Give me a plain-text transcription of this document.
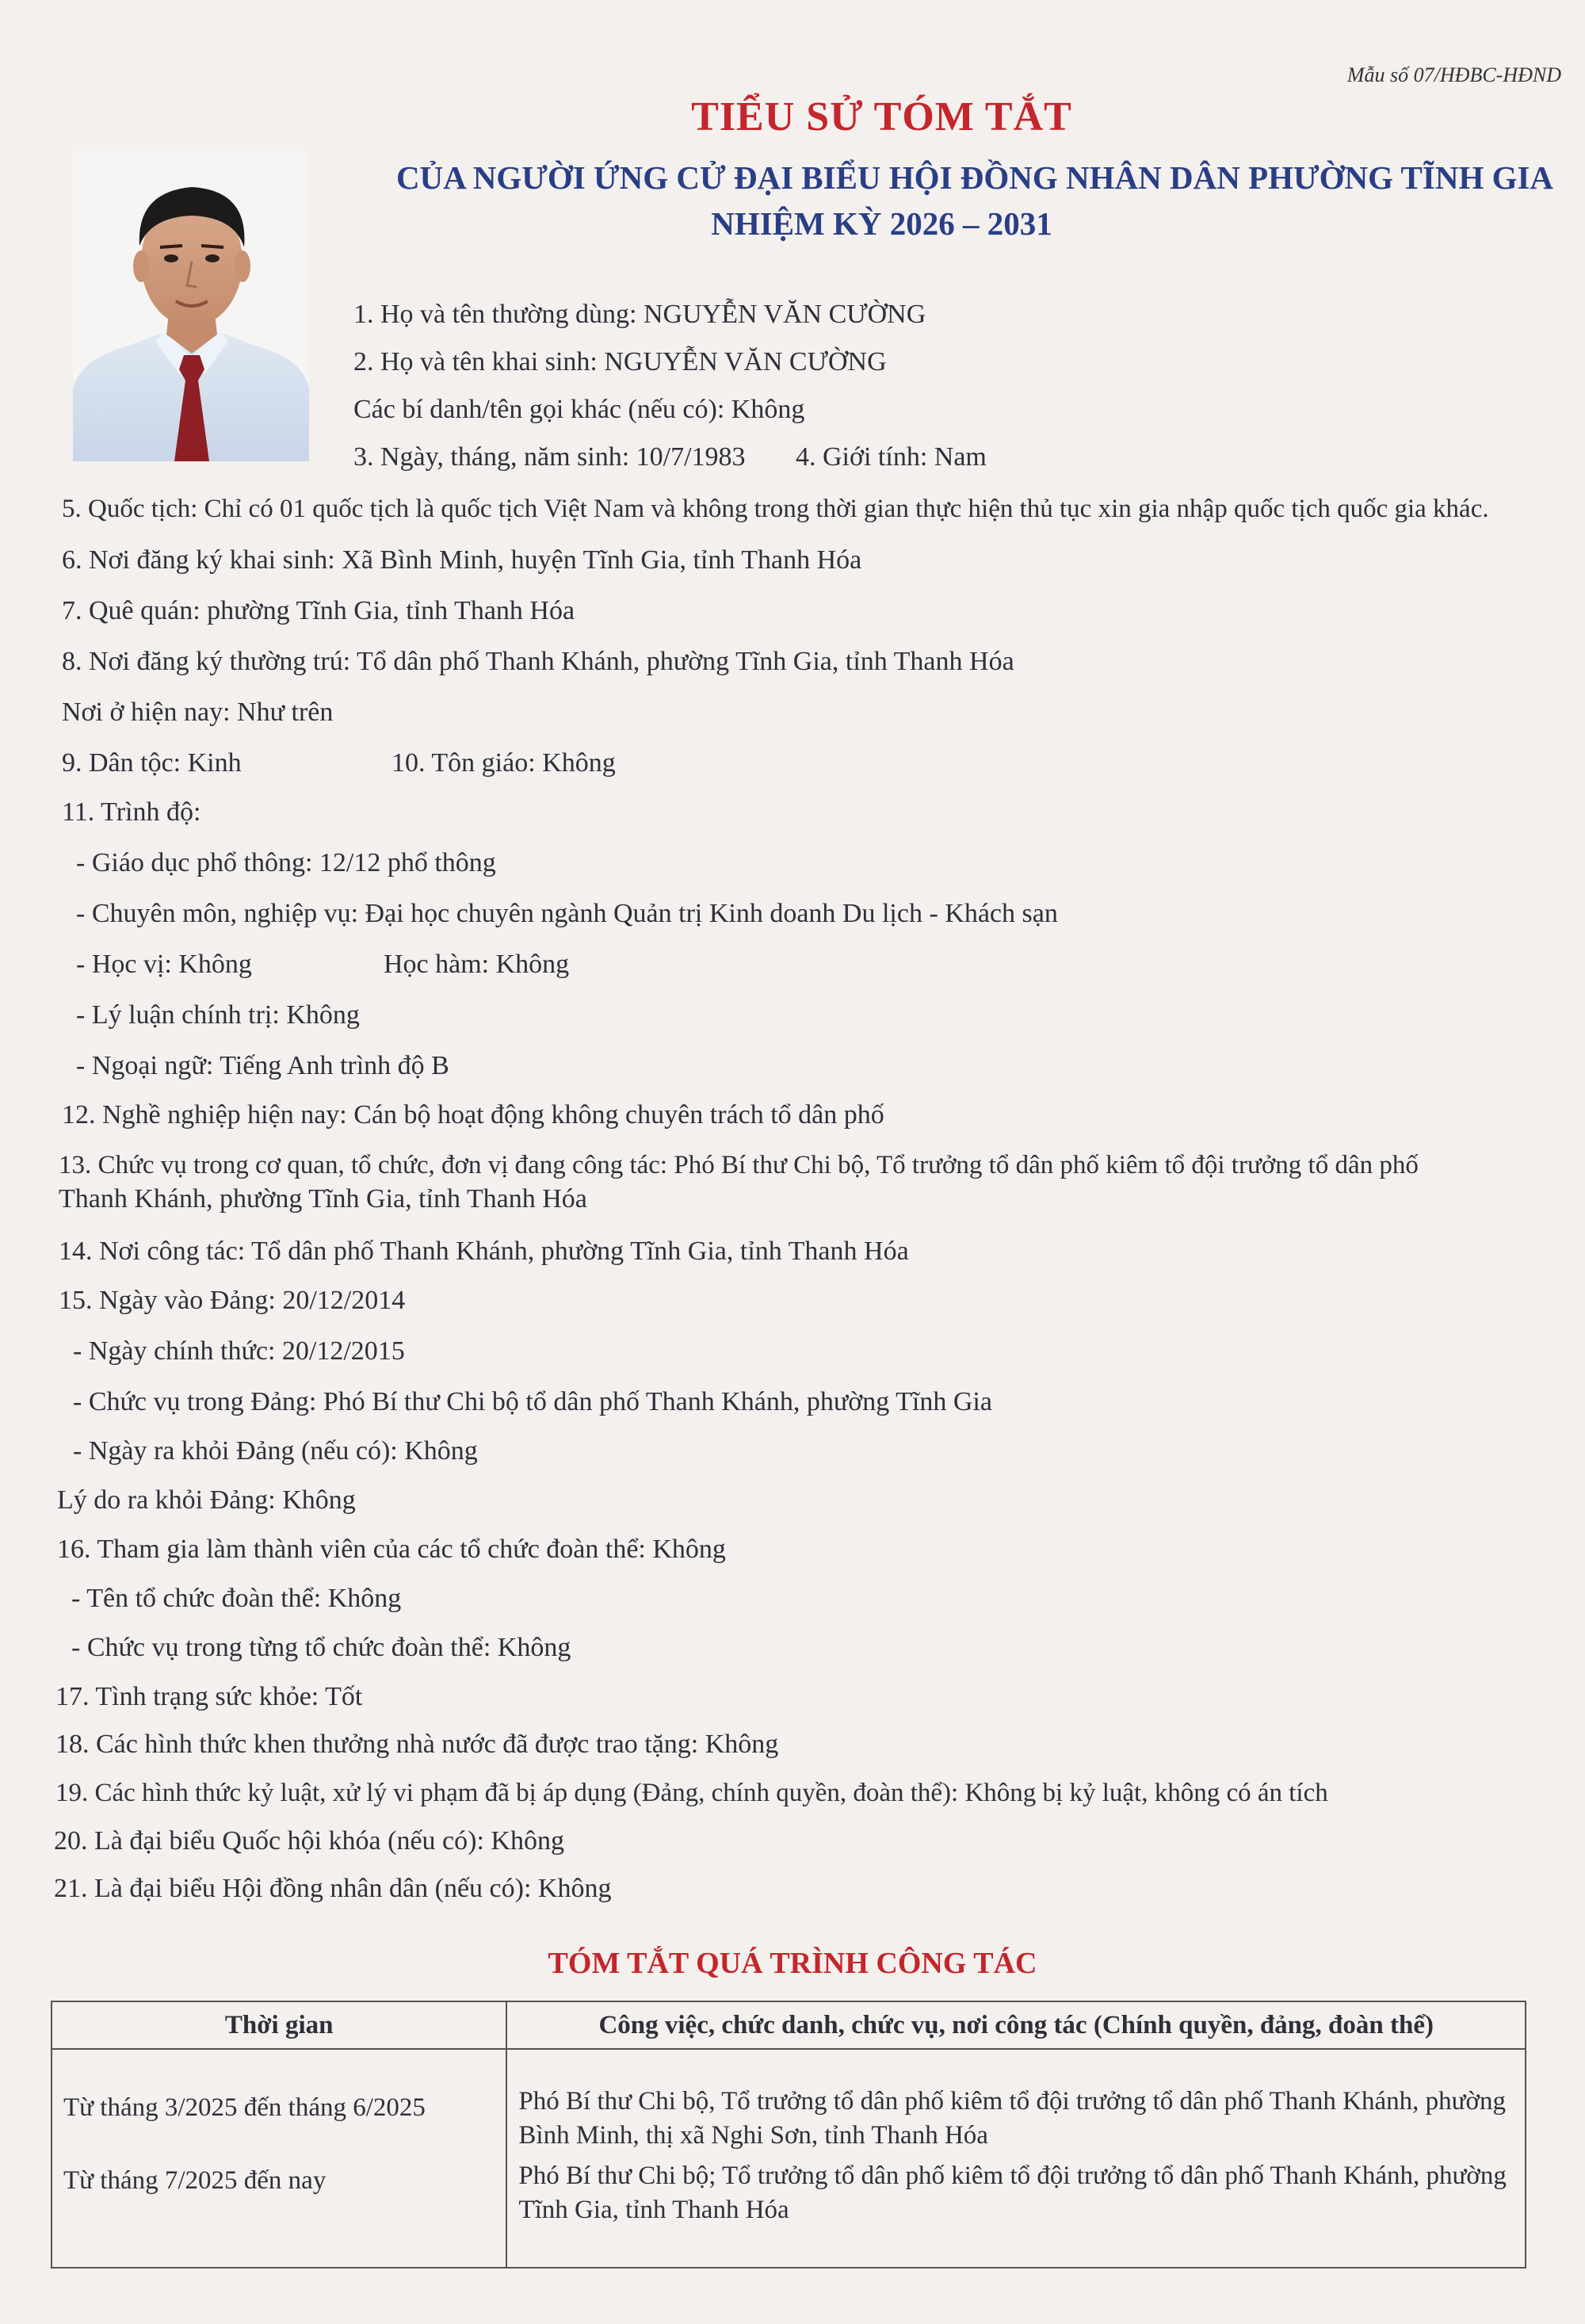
Mẫu số 07/HĐBC-HĐND
TIỂU SỬ TÓM TẮT
CỦA NGƯỜI ỨNG CỬ ĐẠI BIỂU HỘI ĐỒNG NHÂN DÂN PHƯỜNG TĨNH GIA
NHIỆM KỲ 2026 – 2031
1. Họ và tên thường dùng: NGUYỄN VĂN CƯỜNG
2. Họ và tên khai sinh: NGUYỄN VĂN CƯỜNG
Các bí danh/tên gọi khác (nếu có): Không
3. Ngày, tháng, năm sinh: 10/7/1983 4. Giới tính: Nam
5. Quốc tịch: Chỉ có 01 quốc tịch là quốc tịch Việt Nam và không trong thời gian thực hiện thủ tục xin gia nhập quốc tịch quốc gia khác.
6. Nơi đăng ký khai sinh: Xã Bình Minh, huyện Tĩnh Gia, tỉnh Thanh Hóa
7. Quê quán: phường Tĩnh Gia, tỉnh Thanh Hóa
8. Nơi đăng ký thường trú: Tổ dân phố Thanh Khánh, phường Tĩnh Gia, tỉnh Thanh Hóa
Nơi ở hiện nay: Như trên
9. Dân tộc: Kinh	10. Tôn giáo: Không
11. Trình độ:
- Giáo dục phổ thông: 12/12 phổ thông
- Chuyên môn, nghiệp vụ: Đại học chuyên ngành Quản trị Kinh doanh Du lịch - Khách sạn
- Học vị: Không	Học hàm: Không
- Lý luận chính trị: Không
- Ngoại ngữ: Tiếng Anh trình độ B
12. Nghề nghiệp hiện nay: Cán bộ hoạt động không chuyên trách tổ dân phố
13. Chức vụ trong cơ quan, tổ chức, đơn vị đang công tác: Phó Bí thư Chi bộ, Tổ trưởng tổ dân phố kiêm tổ đội trưởng tổ dân phố
Thanh Khánh, phường Tĩnh Gia, tỉnh Thanh Hóa
14. Nơi công tác: Tổ dân phố Thanh Khánh, phường Tĩnh Gia, tỉnh Thanh Hóa
15. Ngày vào Đảng: 20/12/2014
- Ngày chính thức: 20/12/2015
- Chức vụ trong Đảng: Phó Bí thư Chi bộ tổ dân phố Thanh Khánh, phường Tĩnh Gia
- Ngày ra khỏi Đảng (nếu có): Không
Lý do ra khỏi Đảng: Không
16. Tham gia làm thành viên của các tổ chức đoàn thể: Không
- Tên tổ chức đoàn thể: Không
- Chức vụ trong từng tổ chức đoàn thể: Không
17. Tình trạng sức khỏe: Tốt
18. Các hình thức khen thưởng nhà nước đã được trao tặng: Không
19. Các hình thức kỷ luật, xử lý vi phạm đã bị áp dụng (Đảng, chính quyền, đoàn thể): Không bị kỷ luật, không có án tích
20. Là đại biểu Quốc hội khóa (nếu có): Không
21. Là đại biểu Hội đồng nhân dân (nếu có): Không
TÓM TẮT QUÁ TRÌNH CÔNG TÁC
Thời gian	Công việc, chức danh, chức vụ, nơi công tác (Chính quyền, đảng, đoàn thể)

Từ tháng 3/2025 đến tháng 6/2025	Phó Bí thư Chi bộ, Tổ trưởng tổ dân phố kiêm tổ đội trưởng tổ dân phố Thanh Khánh, phường Bình Minh, thị xã Nghi Sơn, tỉnh Thanh Hóa

Từ tháng 7/2025 đến nay	Phó Bí thư Chi bộ; Tổ trưởng tổ dân phố kiêm tổ đội trưởng tổ dân phố Thanh Khánh, phường Tĩnh Gia, tỉnh Thanh Hóa
